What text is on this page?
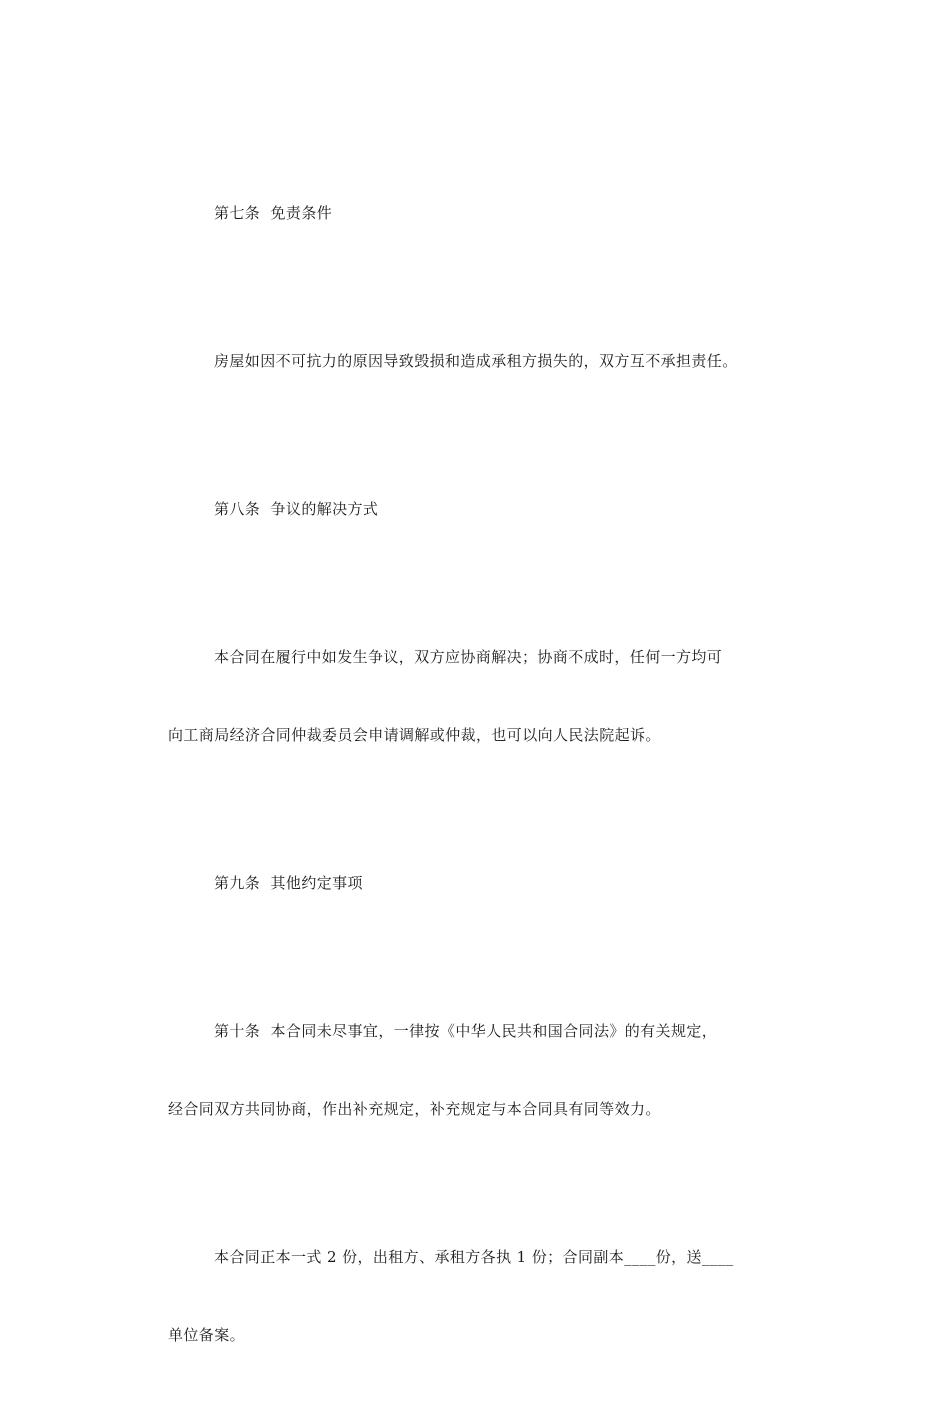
第七条  免责条件

房屋如因不可抗力的原因导致毁损和造成承租方损失的，双方互不承担责任。

第八条  争议的解决方式

本合同在履行中如发生争议，双方应协商解决；协商不成时，任何一方均可

向工商局经济合同仲裁委员会申请调解或仲裁，也可以向人民法院起诉。

第九条  其他约定事项

第十条  本合同未尽事宜，一律按《中华人民共和国合同法》的有关规定，

经合同双方共同协商，作出补充规定，补充规定与本合同具有同等效力。

本合同正本一式 2 份，出租方、承租方各执 1 份；合同副本____份，送____

单位备案。
